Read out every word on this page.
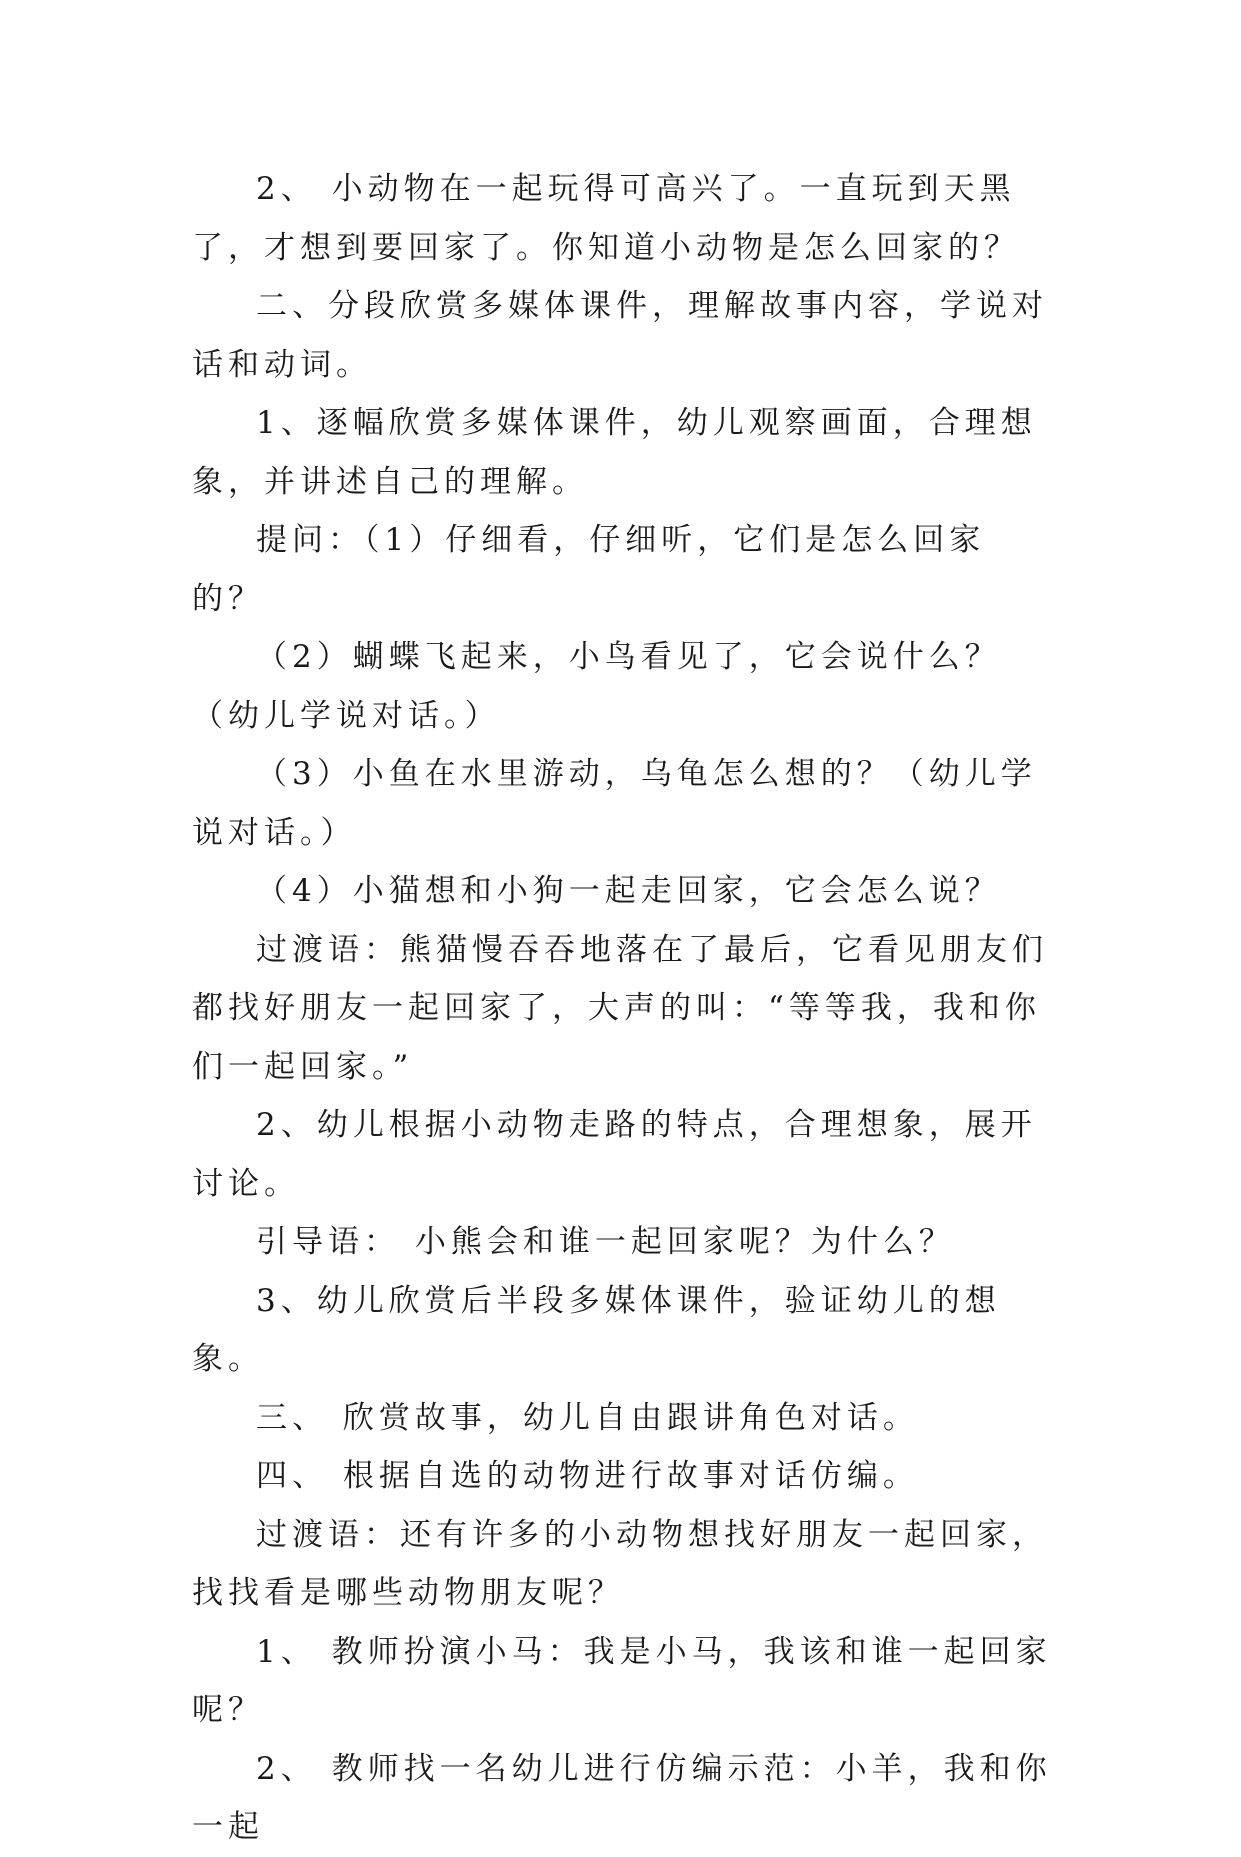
2、 小动物在一起玩得可高兴了。一直玩到天黑了，才想到要回家了。你知道小动物是怎么回家的？

二、分段欣赏多媒体课件，理解故事内容，学说对话和动词。

1、逐幅欣赏多媒体课件，幼儿观察画面，合理想象，并讲述自己的理解。

提问：（1）仔细看，仔细听，它们是怎么回家的？

（2）蝴蝶飞起来，小鸟看见了，它会说什么？（幼儿学说对话。）

（3）小鱼在水里游动，乌龟怎么想的？（幼儿学说对话。）

（4）小猫想和小狗一起走回家，它会怎么说？

过渡语：熊猫慢吞吞地落在了最后，它看见朋友们都找好朋友一起回家了，大声的叫：“等等我，我和你们一起回家。”

2、幼儿根据小动物走路的特点，合理想象，展开讨论。

引导语： 小熊会和谁一起回家呢？为什么？

3、幼儿欣赏后半段多媒体课件，验证幼儿的想象。

三、 欣赏故事，幼儿自由跟讲角色对话。

四、 根据自选的动物进行故事对话仿编。

过渡语：还有许多的小动物想找好朋友一起回家，找找看是哪些动物朋友呢？

1、 教师扮演小马：我是小马，我该和谁一起回家呢？

2、 教师找一名幼儿进行仿编示范：小羊，我和你一起
